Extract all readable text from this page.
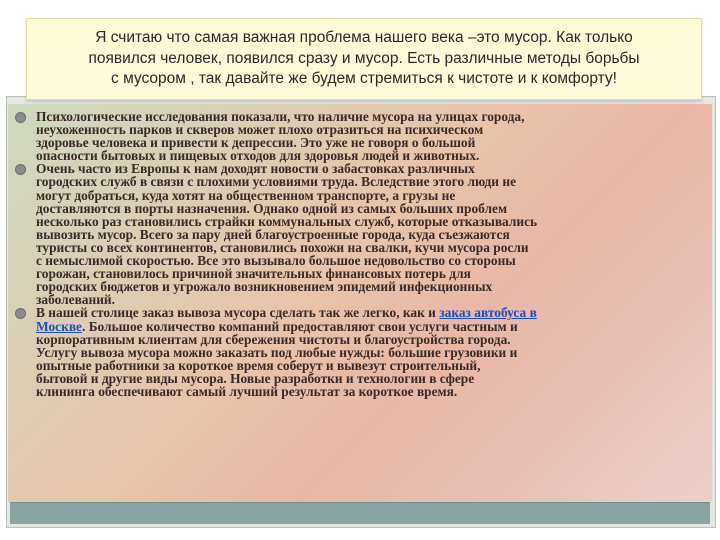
Я считаю что самая важная проблема нашего века –это мусор. Как только
появился человек, появился сразу и мусор. Есть различные методы борьбы
с мусором , так давайте же будем стремиться к чистоте и к комфорту!
Психологические исследования показали, что наличие мусора на улицах города,
неухоженность парков и скверов может плохо отразиться на психическом
здоровье человека и привести к депрессии. Это уже не говоря о большой
опасности бытовых и пищевых отходов для здоровья людей и животных.
Очень часто из Европы к нам доходят новости о забастовках различных
городских служб в связи с плохими условиями труда. Вследствие этого люди не
могут добраться, куда хотят на общественном транспорте, а грузы не
доставляются в порты назначения. Однако одной из самых больших проблем
несколько раз становились страйки коммунальных служб, которые отказывались
вывозить мусор. Всего за пару дней благоустроенные города, куда съезжаются
туристы со всех континентов, становились похожи на свалки, кучи мусора росли
с немыслимой скоростью. Все это вызывало большое недовольство со стороны
горожан, становилось причиной значительных финансовых потерь для
городских бюджетов и угрожало возникновением эпидемий инфекционных
заболеваний.
В нашей столице заказ вывоза мусора сделать так же легко, как и заказ автобуса в
Москве. Большое количество компаний предоставляют свои услуги частным и
корпоративным клиентам для сбережения чистоты и благоустройства города.
Услугу вывоза мусора можно заказать под любые нужды: большие грузовики и
опытные работники за короткое время соберут и вывезут строительный,
бытовой и другие виды мусора. Новые разработки и технологии в сфере
клининга обеспечивают самый лучший результат за короткое время.
